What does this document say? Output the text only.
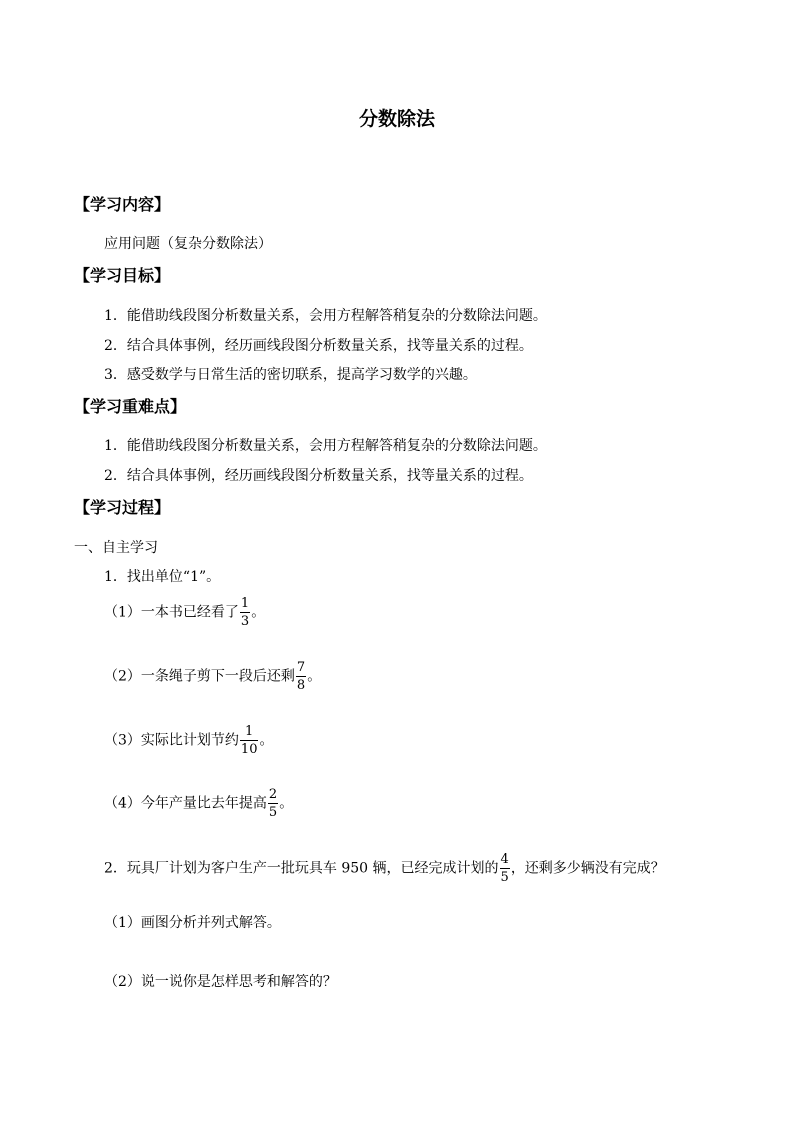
分数除法
【学习内容】
应用问题（复杂分数除法）
【学习目标】
1．能借助线段图分析数量关系，会用方程解答稍复杂的分数除法问题。
2．结合具体事例，经历画线段图分析数量关系，找等量关系的过程。
3．感受数学与日常生活的密切联系，提高学习数学的兴趣。
【学习重难点】
1．能借助线段图分析数量关系，会用方程解答稍复杂的分数除法问题。
2．结合具体事例，经历画线段图分析数量关系，找等量关系的过程。
【学习过程】
一、自主学习
1．找出单位“1”。
（1）一本书已经看了 $\frac{1}{3}$ 。
（2）一条绳子剪下一段后还剩 $\frac{7}{8}$ 。
（3）实际比计划节约 $\frac{1}{10}$ 。
（4）今年产量比去年提高 $\frac{2}{5}$ 。
2．玩具厂计划为客户生产一批玩具车 950 辆，已经完成计划的 $\frac{4}{5}$ ，还剩多少辆没有完成？
（1）画图分析并列式解答。
（2）说一说你是怎样思考和解答的？
